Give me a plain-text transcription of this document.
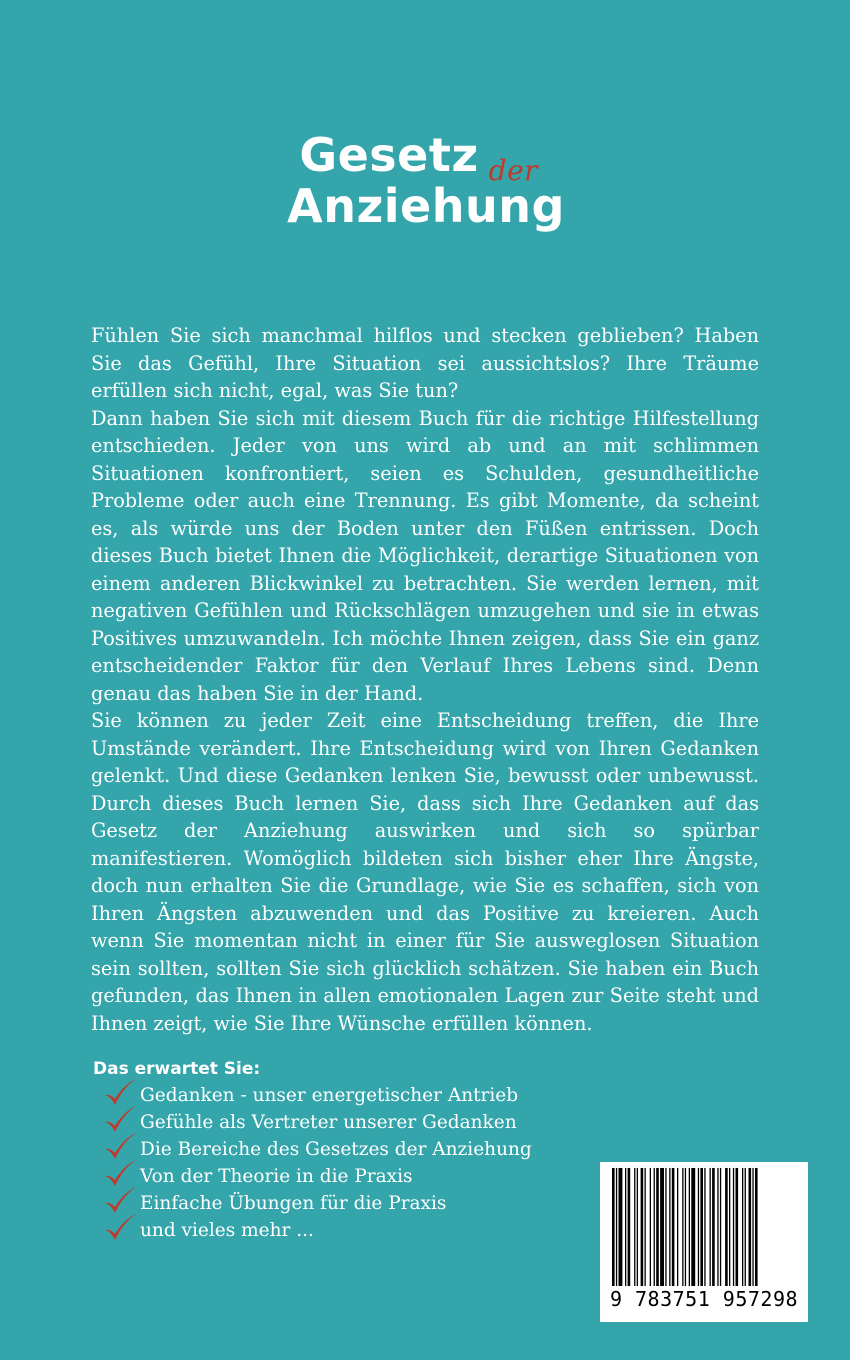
Gesetz der
Anziehung

Fühlen Sie sich manchmal hilflos und stecken geblieben? Haben Sie das Gefühl, Ihre Situation sei aussichtslos? Ihre Träume erfüllen sich nicht, egal, was Sie tun?

Dann haben Sie sich mit diesem Buch für die richtige Hilfestellung entschieden. Jeder von uns wird ab und an mit schlimmen Situationen konfrontiert, seien es Schulden, gesundheitliche Probleme oder auch eine Trennung. Es gibt Momente, da scheint es, als würde uns der Boden unter den Füßen entrissen. Doch dieses Buch bietet Ihnen die Möglichkeit, derartige Situationen von einem anderen Blickwinkel zu betrachten. Sie werden lernen, mit negativen Gefühlen und Rückschlägen umzugehen und sie in etwas Positives umzuwandeln. Ich möchte Ihnen zeigen, dass Sie ein ganz entscheidender Faktor für den Verlauf Ihres Lebens sind. Denn genau das haben Sie in der Hand.

Sie können zu jeder Zeit eine Entscheidung treffen, die Ihre Umstände verändert. Ihre Entscheidung wird von Ihren Gedanken gelenkt. Und diese Gedanken lenken Sie, bewusst oder unbewusst. Durch dieses Buch lernen Sie, dass sich Ihre Gedanken auf das Gesetz der Anziehung auswirken und sich so spürbar manifestieren. Womöglich bildeten sich bisher eher Ihre Ängste, doch nun erhalten Sie die Grundlage, wie Sie es schaffen, sich von Ihren Ängsten abzuwenden und das Positive zu kreieren. Auch wenn Sie momentan nicht in einer für Sie ausweglosen Situation sein sollten, sollten Sie sich glücklich schätzen. Sie haben ein Buch gefunden, das Ihnen in allen emotionalen Lagen zur Seite steht und Ihnen zeigt, wie Sie Ihre Wünsche erfüllen können.

Das erwartet Sie:
Gedanken - unser energetischer Antrieb
Gefühle als Vertreter unserer Gedanken
Die Bereiche des Gesetzes der Anziehung
Von der Theorie in die Praxis
Einfache Übungen für die Praxis
und vieles mehr ...
9 783751 957298
